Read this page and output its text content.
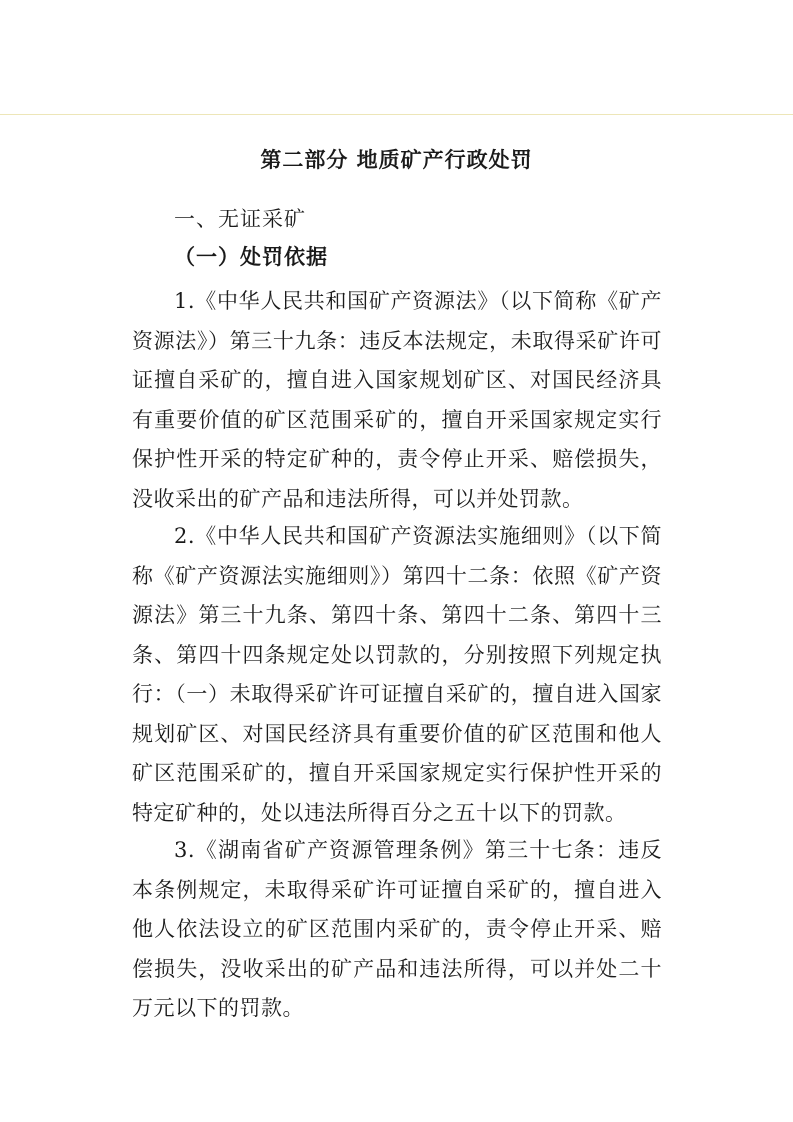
第二部分 地质矿产行政处罚
一、无证采矿
（一）处罚依据

1.《中华人民共和国矿产资源法》（以下简称《矿产资源法》）第三十九条：违反本法规定，未取得采矿许可证擅自采矿的，擅自进入国家规划矿区、对国民经济具有重要价值的矿区范围采矿的，擅自开采国家规定实行保护性开采的特定矿种的，责令停止开采、赔偿损失，没收采出的矿产品和违法所得，可以并处罚款。

2.《中华人民共和国矿产资源法实施细则》（以下简称《矿产资源法实施细则》）第四十二条：依照《矿产资源法》第三十九条、第四十条、第四十二条、第四十三条、第四十四条规定处以罚款的，分别按照下列规定执行：（一）未取得采矿许可证擅自采矿的，擅自进入国家规划矿区、对国民经济具有重要价值的矿区范围和他人矿区范围采矿的，擅自开采国家规定实行保护性开采的特定矿种的，处以违法所得百分之五十以下的罚款。

3.《湖南省矿产资源管理条例》第三十七条：违反本条例规定，未取得采矿许可证擅自采矿的，擅自进入他人依法设立的矿区范围内采矿的，责令停止开采、赔偿损失，没收采出的矿产品和违法所得，可以并处二十万元以下的罚款。
